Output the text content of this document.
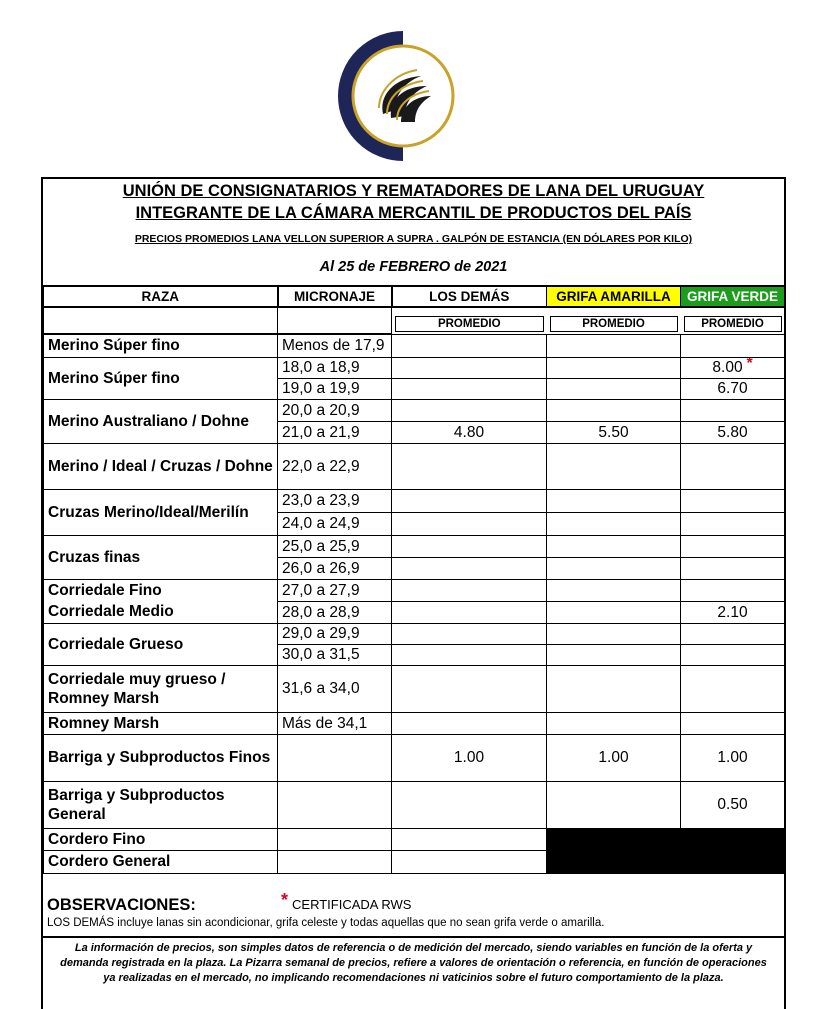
UNIÓN DE CONSIGNATARIOS Y REMATADORES DE LANA DEL URUGUAY
INTEGRANTE DE LA CÁMARA MERCANTIL DE PRODUCTOS DEL PAÍS
PRECIOS PROMEDIOS LANA VELLON SUPERIOR A SUPRA . GALPÓN DE ESTANCIA (EN DÓLARES POR KILO)
Al 25 de FEBRERO de 2021
RAZA	MICRONAJE	LOS DEMÁS	GRIFA AMARILLA	GRIFA VERDE

		PROMEDIO	PROMEDIO	PROMEDIO

Merino Súper fino	Menos de 17,9			
Merino Súper fino	18,0 a 18,9			8.00 *
	19,0 a 19,9			6.70
Merino Australiano / Dohne	20,0 a 20,9			
	21,0 a 21,9	4.80	5.50	5.80
Merino / Ideal / Cruzas / Dohne	22,0 a 22,9			
Cruzas Merino/Ideal/Merilín	23,0 a 23,9			
	24,0 a 24,9			
Cruzas finas	25,0 a 25,9			
	26,0 a 26,9			
Corriedale Fino	27,0 a 27,9			
Corriedale Medio	28,0 a 28,9			2.10
Corriedale Grueso	29,0 a 29,9			
	30,0 a 31,5			
Corriedale muy grueso / Romney Marsh	31,6 a 34,0			
Romney Marsh	Más de 34,1			
Barriga y Subproductos Finos		1.00	1.00	1.00
Barriga y Subproductos General				0.50
Cordero Fino				
Cordero General				
OBSERVACIONES:	* CERTIFICADA RWS
LOS DEMÁS incluye lanas sin acondicionar, grifa celeste y todas aquellas que no sean grifa verde o amarilla.
La información de precios, son simples datos de referencia o de medición del mercado, siendo variables en función de la oferta y demanda registrada en la plaza. La Pizarra semanal de precios, refiere a valores de orientación o referencia, en función de operaciones ya realizadas en el mercado, no implicando recomendaciones ni vaticinios sobre el futuro comportamiento de la plaza.
